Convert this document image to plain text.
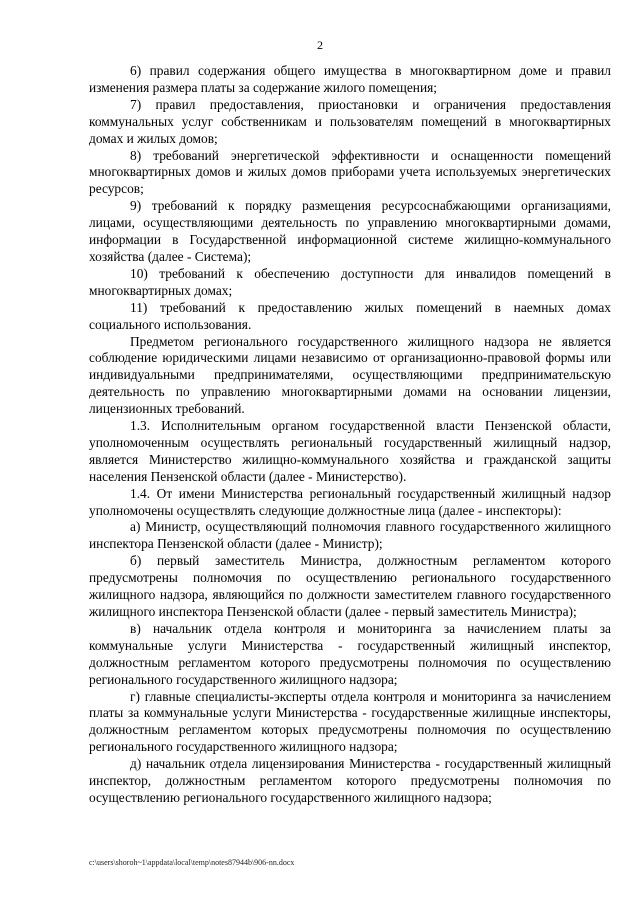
2

6) правил содержания общего имущества в многоквартирном доме и правил изменения размера платы за содержание жилого помещения;

7) правил предоставления, приостановки и ограничения предоставления коммунальных услуг собственникам и пользователям помещений в многоквартирных домах и жилых домов;

8) требований энергетической эффективности и оснащенности помещений многоквартирных домов и жилых домов приборами учета используемых энергетических ресурсов;

9) требований к порядку размещения ресурсоснабжающими организациями, лицами, осуществляющими деятельность по управлению многоквартирными домами, информации в Государственной информационной системе жилищно-коммунального хозяйства (далее - Система);

10) требований к обеспечению доступности для инвалидов помещений в многоквартирных домах;

11) требований к предоставлению жилых помещений в наемных домах социального использования.

Предметом регионального государственного жилищного надзора не является соблюдение юридическими лицами независимо от организационно-правовой формы или индивидуальными предпринимателями, осуществляющими предпринимательскую деятельность по управлению многоквартирными домами на основании лицензии, лицензионных требований.

1.3. Исполнительным органом государственной власти Пензенской области, уполномоченным осуществлять региональный государственный жилищный надзор, является Министерство жилищно-коммунального хозяйства и гражданской защиты населения Пензенской области (далее - Министерство).

1.4. От имени Министерства региональный государственный жилищный надзор уполномочены осуществлять следующие должностные лица (далее - инспекторы):

а) Министр, осуществляющий полномочия главного государственного жилищного инспектора Пензенской области (далее - Министр);

б) первый заместитель Министра, должностным регламентом которого предусмотрены полномочия по осуществлению регионального государственного жилищного надзора, являющийся по должности заместителем главного государственного жилищного инспектора Пензенской области (далее - первый заместитель Министра);

в) начальник отдела контроля и мониторинга за начислением платы за коммунальные услуги Министерства - государственный жилищный инспектор, должностным регламентом которого предусмотрены полномочия по осуществлению регионального государственного жилищного надзора;

г) главные специалисты-эксперты отдела контроля и мониторинга за начислением платы за коммунальные услуги Министерства - государственные жилищные инспекторы, должностным регламентом которых предусмотрены полномочия по осуществлению регионального государственного жилищного надзора;

д) начальник отдела лицензирования Министерства - государственный жилищный инспектор, должностным регламентом которого предусмотрены полномочия по осуществлению регионального государственного жилищного надзора;

c:\users\shoroh~1\appdata\local\temp\notes87944b\906-nn.docx
